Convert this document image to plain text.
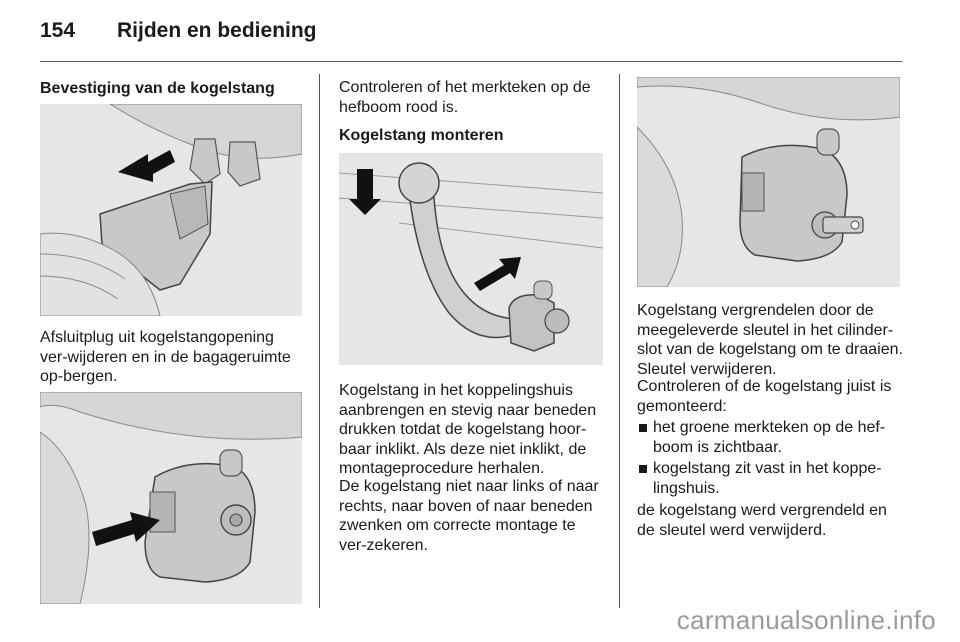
154 Rijden en bediening
Bevestiging van de kogelstang

Afsluitplug uit kogelstangopening ver-wijderen en in de bagageruimte op-bergen.

Controleren of het merkteken op de hefboom rood is.

Kogelstang monteren

Kogelstang in het koppelingshuis aanbrengen en stevig naar beneden drukken totdat de kogelstang hoor-baar inklikt. Als deze niet inklikt, de montageprocedure herhalen.

De kogelstang niet naar links of naar rechts, naar boven of naar beneden zwenken om correcte montage te ver-zekeren.

Kogelstang vergrendelen door de meegeleverde sleutel in het cilinder-slot van de kogelstang om te draaien. Sleutel verwijderen.

Controleren of de kogelstang juist is gemonteerd:

het groene merkteken op de hef-boom is zichtbaar.
kogelstang zit vast in het koppe-lingshuis.

de kogelstang werd vergrendeld en de sleutel werd verwijderd.

carmanualsonline.info
